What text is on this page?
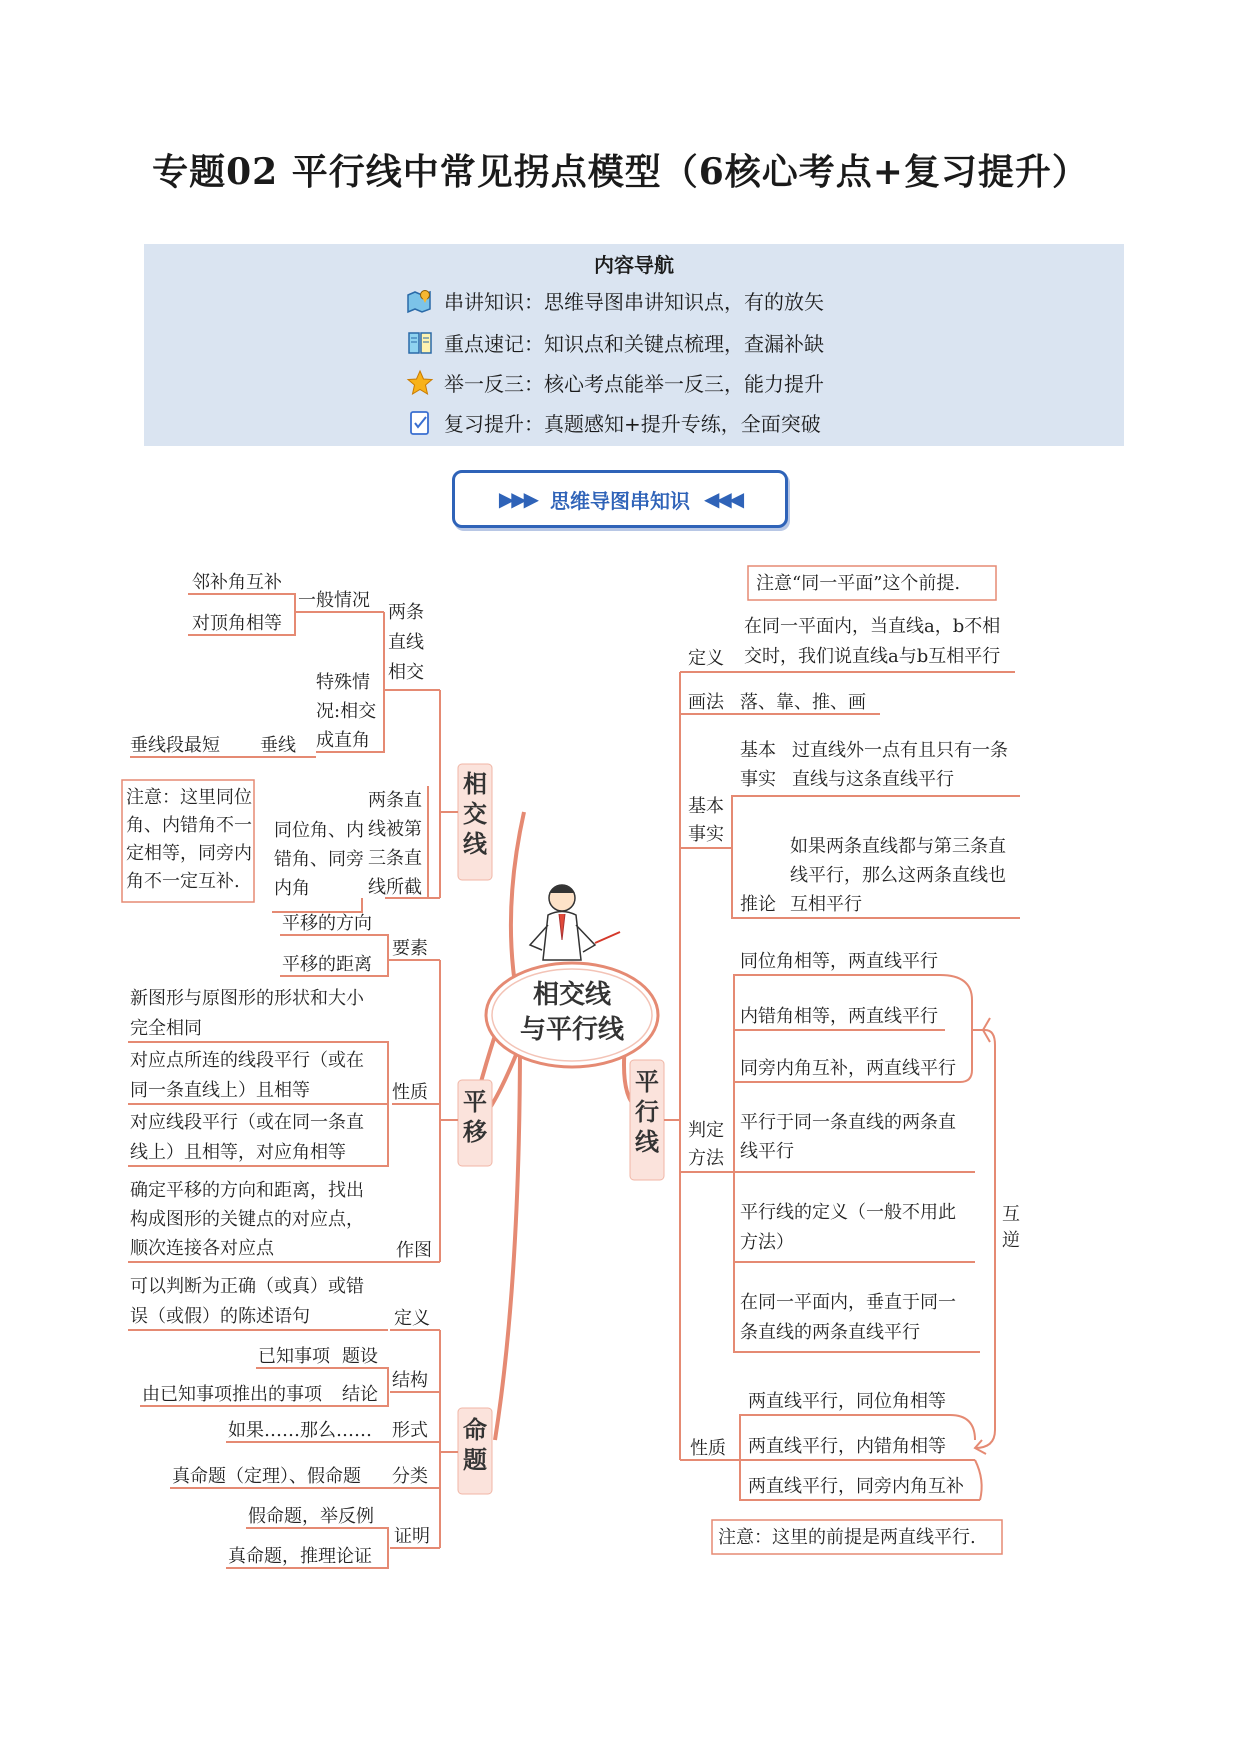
专题02 平行线中常见拐点模型（6核心考点+复习提升）
内容导航
串讲知识：思维导图串讲知识点，有的放矢
重点速记：知识点和关键点梳理，查漏补缺
举一反三：核心考点能举一反三，能力提升
复习提升：真题感知+提升专练，全面突破
▶▶▶ 思维导图串知识 ◀◀◀
相交线
与平行线
相
交
线
平
移
命
题
平
行
线
两条
直线
相交
一般情况
邻补角互补
对顶角相等
特殊情
况:相交
成直角
垂线
垂线段最短
两条直
线被第
三条直
线所截
同位角、内
错角、同旁
内角
注意：这里同位
角、内错角不一
定相等，同旁内
角不一定互补.
要素
平移的方向
平移的距离
性质
新图形与原图形的形状和大小
完全相同
对应点所连的线段平行（或在
同一条直线上）且相等
对应线段平行（或在同一条直
线上）且相等，对应角相等
作图
确定平移的方向和距离，找出
构成图形的关键点的对应点，
顺次连接各对应点
定义
可以判断为正确（或真）或错
误（或假）的陈述语句
结构
已知事项 题设
由已知事项推出的事项 结论
形式
如果……那么……
分类
真命题（定理）、假命题
证明
假命题，举反例
真命题，推理论证
注意“同一平面”这个前提.
定义
在同一平面内，当直线a，b不相
交时，我们说直线a与b互相平行
画法 落、靠、推、画
基本
事实
基本
事实
过直线外一点有且只有一条
直线与这条直线平行
推论
如果两条直线都与第三条直
线平行，那么这两条直线也
互相平行
判定
方法
同位角相等，两直线平行
内错角相等，两直线平行
同旁内角互补，两直线平行
平行于同一条直线的两条直
线平行
平行线的定义（一般不用此
方法）
在同一平面内，垂直于同一
条直线的两条直线平行
互
逆
性质
两直线平行，同位角相等
两直线平行，内错角相等
两直线平行，同旁内角互补
注意：这里的前提是两直线平行.
